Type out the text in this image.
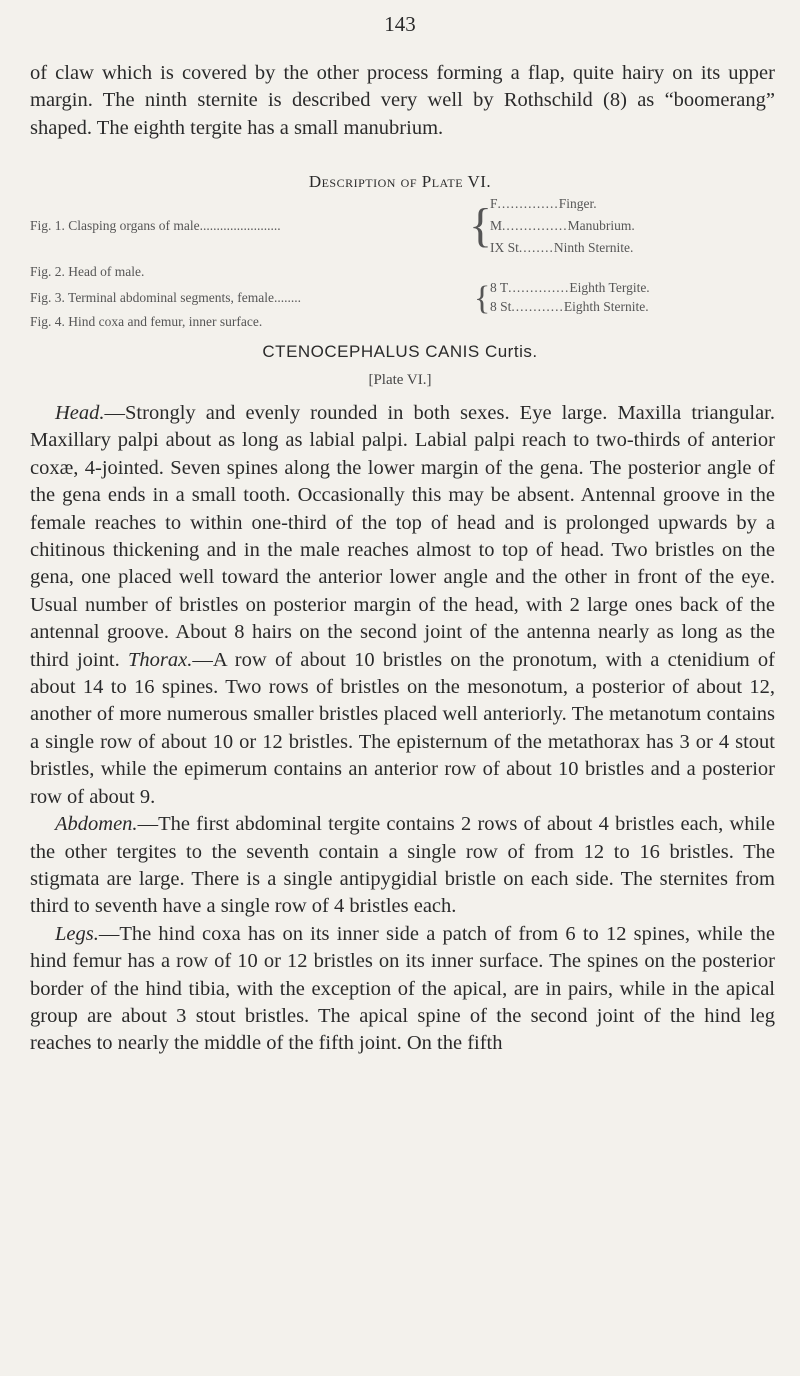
143
of claw which is covered by the other process forming a flap, quite hairy on its upper margin. The ninth sternite is described very well by Rothschild (8) as “boomerang” shaped. The eighth tergite has a small manubrium.
Description of Plate VI.
Fig. 1. Clasping organs of male........................	{
F..............Finger.
M...............Manubrium.
IX St........Ninth Sternite.
Fig. 2. Head of male.
Fig. 3. Terminal abdominal segments, female........	{ 8 T..............Eighth Tergite.
8 St............Eighth Sternite.
Fig. 4. Hind coxa and femur, inner surface.
CTENOCEPHALUS CANIS Curtis.
[Plate VI.]

Head.—Strongly and evenly rounded in both sexes. Eye large. Maxilla triangular. Maxillary palpi about as long as labial palpi. Labial palpi reach to two-thirds of anterior coxæ, 4-jointed. Seven spines along the lower margin of the gena. The posterior angle of the gena ends in a small tooth. Occasionally this may be absent. Antennal groove in the female reaches to within one-third of the top of head and is prolonged upwards by a chitinous thickening and in the male reaches almost to top of head. Two bristles on the gena, one placed well toward the anterior lower angle and the other in front of the eye. Usual number of bristles on posterior margin of the head, with 2 large ones back of the antennal groove. About 8 hairs on the second joint of the antenna nearly as long as the third joint. Thorax.—A row of about 10 bristles on the pronotum, with a ctenidium of about 14 to 16 spines. Two rows of bristles on the mesonotum, a posterior of about 12, another of more numerous smaller bristles placed well anteriorly. The metanotum contains a single row of about 10 or 12 bristles. The episternum of the metathorax has 3 or 4 stout bristles, while the epimerum contains an anterior row of about 10 bristles and a posterior row of about 9.

Abdomen.—The first abdominal tergite contains 2 rows of about 4 bristles each, while the other tergites to the seventh contain a single row of from 12 to 16 bristles. The stigmata are large. There is a single antipygidial bristle on each side. The sternites from third to seventh have a single row of 4 bristles each.

Legs.—The hind coxa has on its inner side a patch of from 6 to 12 spines, while the hind femur has a row of 10 or 12 bristles on its inner surface. The spines on the posterior border of the hind tibia, with the exception of the apical, are in pairs, while in the apical group are about 3 stout bristles. The apical spine of the second joint of the hind leg reaches to nearly the middle of the fifth joint. On the fifth
